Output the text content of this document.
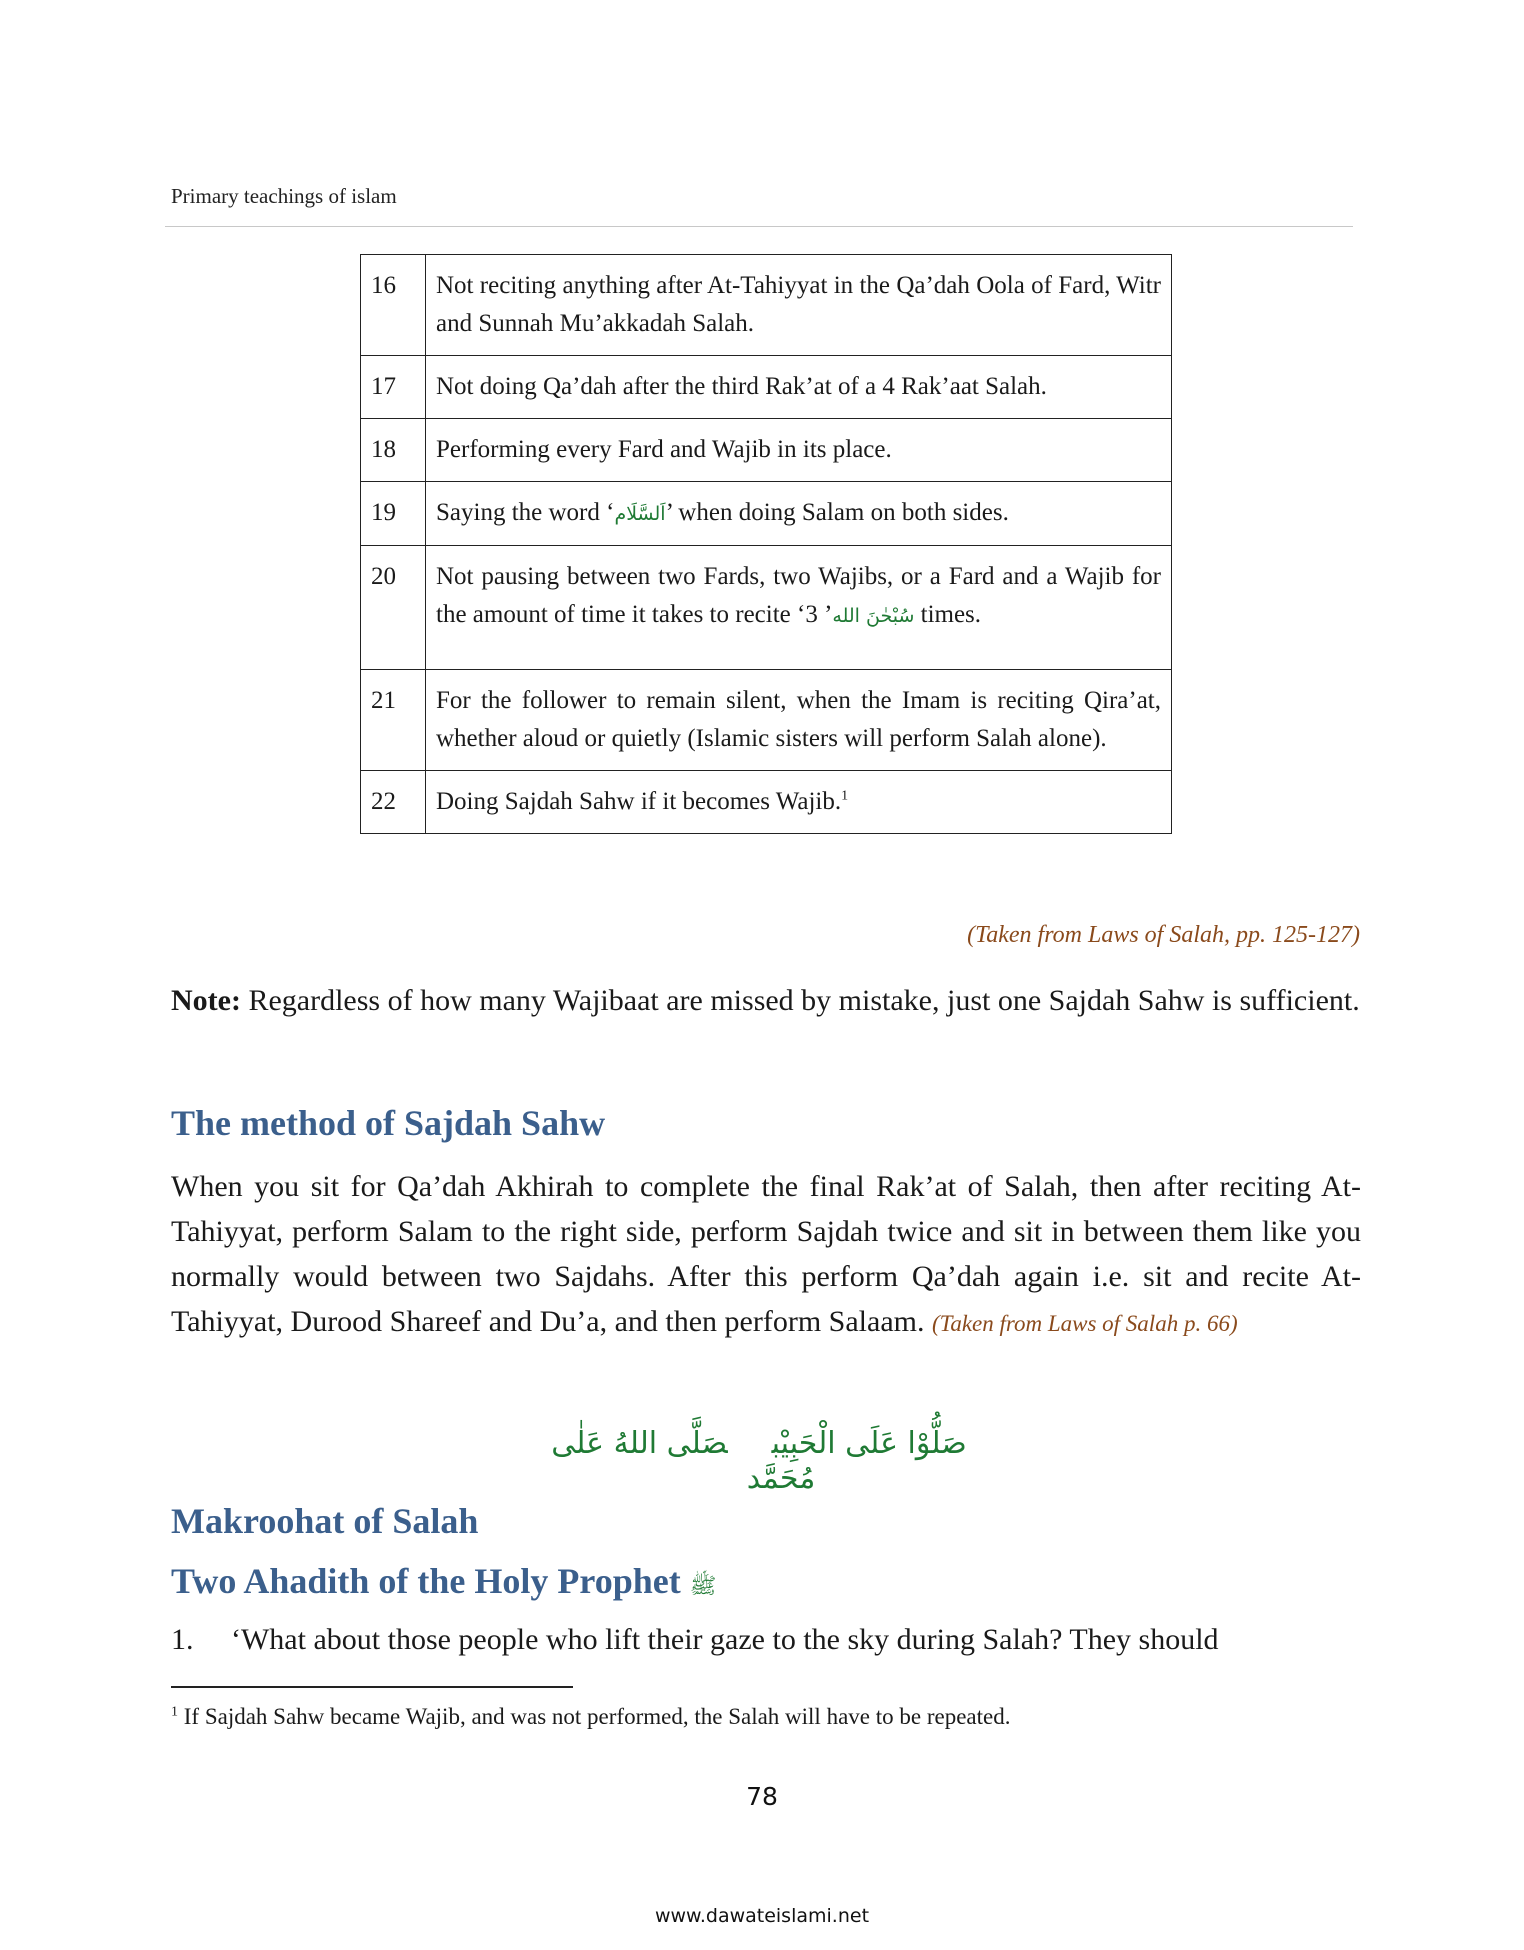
Primary teachings of islam
16	Not reciting anything after At-Tahiyyat in the Qa’dah Oola of Fard, Witr and Sunnah Mu’akkadah Salah.
17	Not doing Qa’dah after the third Rak’at of a 4 Rak’aat Salah.
18	Performing every Fard and Wajib in its place.
19	Saying the word ‘اَلسَّلَام’ when doing Salam on both sides.
20	Not pausing between two Fards, two Wajibs, or a Fard and a Wajib for the amount of time it takes to recite ‘ سُبْحٰنَ الله’ 3 times.
21	For the follower to remain silent, when the Imam is reciting Qira’at, whether aloud or quietly (Islamic sisters will perform Salah alone).
22	Doing Sajdah Sahw if it becomes Wajib.$^1$
(Taken from Laws of Salah, pp. 125-127)
Note: Regardless of how many Wajibaat are missed by mistake, just one Sajdah Sahw is sufficient.
The method of Sajdah Sahw
When you sit for Qa’dah Akhirah to complete the final Rak’at of Salah, then after reciting At-Tahiyyat, perform Salam to the right side, perform Sajdah twice and sit in between them like you normally would between two Sajdahs. After this perform Qa’dah again i.e. sit and recite At-Tahiyyat, Durood Shareef and Du’a, and then perform Salaam. (Taken from Laws of Salah p. 66)
صَلُّوْا عَلَى الْحَبِيْبصَلَّى اللهُ عَلٰى مُحَمَّد
Makroohat of Salah
Two Ahadith of the Holy Prophet ﷺ
1. ‘What about those people who lift their gaze to the sky during Salah? They should
$^1$ If Sajdah Sahw became Wajib, and was not performed, the Salah will have to be repeated.
78
www.dawateislami.net
